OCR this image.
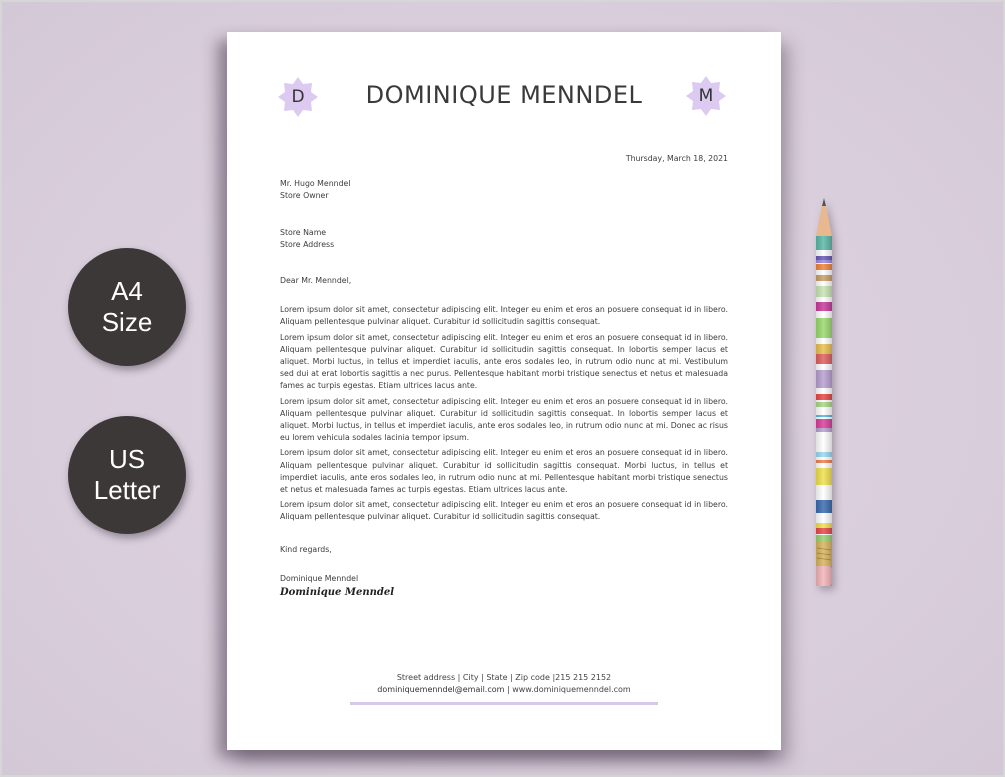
A4
Size
US
Letter
D	DOMINIQUE MENNDEL	M
Thursday, March 18, 2021
Mr. Hugo Menndel
Store Owner
Store Name
Store Address
Dear Mr. Menndel,

Lorem ipsum dolor sit amet, consectetur adipiscing elit. Integer eu enim et eros an posuere consequat id in libero. Aliquam pellentesque pulvinar aliquet. Curabitur id sollicitudin sagittis consequat.

Lorem ipsum dolor sit amet, consectetur adipiscing elit. Integer eu enim et eros an posuere consequat id in libero. Aliquam pellentesque pulvinar aliquet. Curabitur id sollicitudin sagittis consequat. In lobortis semper lacus et aliquet. Morbi luctus, in tellus et imperdiet iaculis, ante eros sodales leo, in rutrum odio nunc at mi. Vestibulum sed dui at erat lobortis sagittis a nec purus. Pellentesque habitant morbi tristique senectus et netus et malesuada fames ac turpis egestas. Etiam ultrices lacus ante.

Lorem ipsum dolor sit amet, consectetur adipiscing elit. Integer eu enim et eros an posuere consequat id in libero. Aliquam pellentesque pulvinar aliquet. Curabitur id sollicitudin sagittis consequat. In lobortis semper lacus et aliquet. Morbi luctus, in tellus et imperdiet iaculis, ante eros sodales leo, in rutrum odio nunc at mi. Donec ac risus eu lorem vehicula sodales lacinia tempor ipsum.

Lorem ipsum dolor sit amet, consectetur adipiscing elit. Integer eu enim et eros an posuere consequat id in libero. Aliquam pellentesque pulvinar aliquet. Curabitur id sollicitudin sagittis consequat. Morbi luctus, in tellus et imperdiet iaculis, ante eros sodales leo, in rutrum odio nunc at mi. Pellentesque habitant morbi tristique senectus et netus et malesuada fames ac turpis egestas. Etiam ultrices lacus ante.

Lorem ipsum dolor sit amet, consectetur adipiscing elit. Integer eu enim et eros an posuere consequat id in libero. Aliquam pellentesque pulvinar aliquet. Curabitur id sollicitudin sagittis consequat.

Kind regards,
Dominique Menndel
Dominique Menndel
Street address | City | State | Zip code |215 215 2152
dominiquemenndel@email.com | www.dominiquemenndel.com
